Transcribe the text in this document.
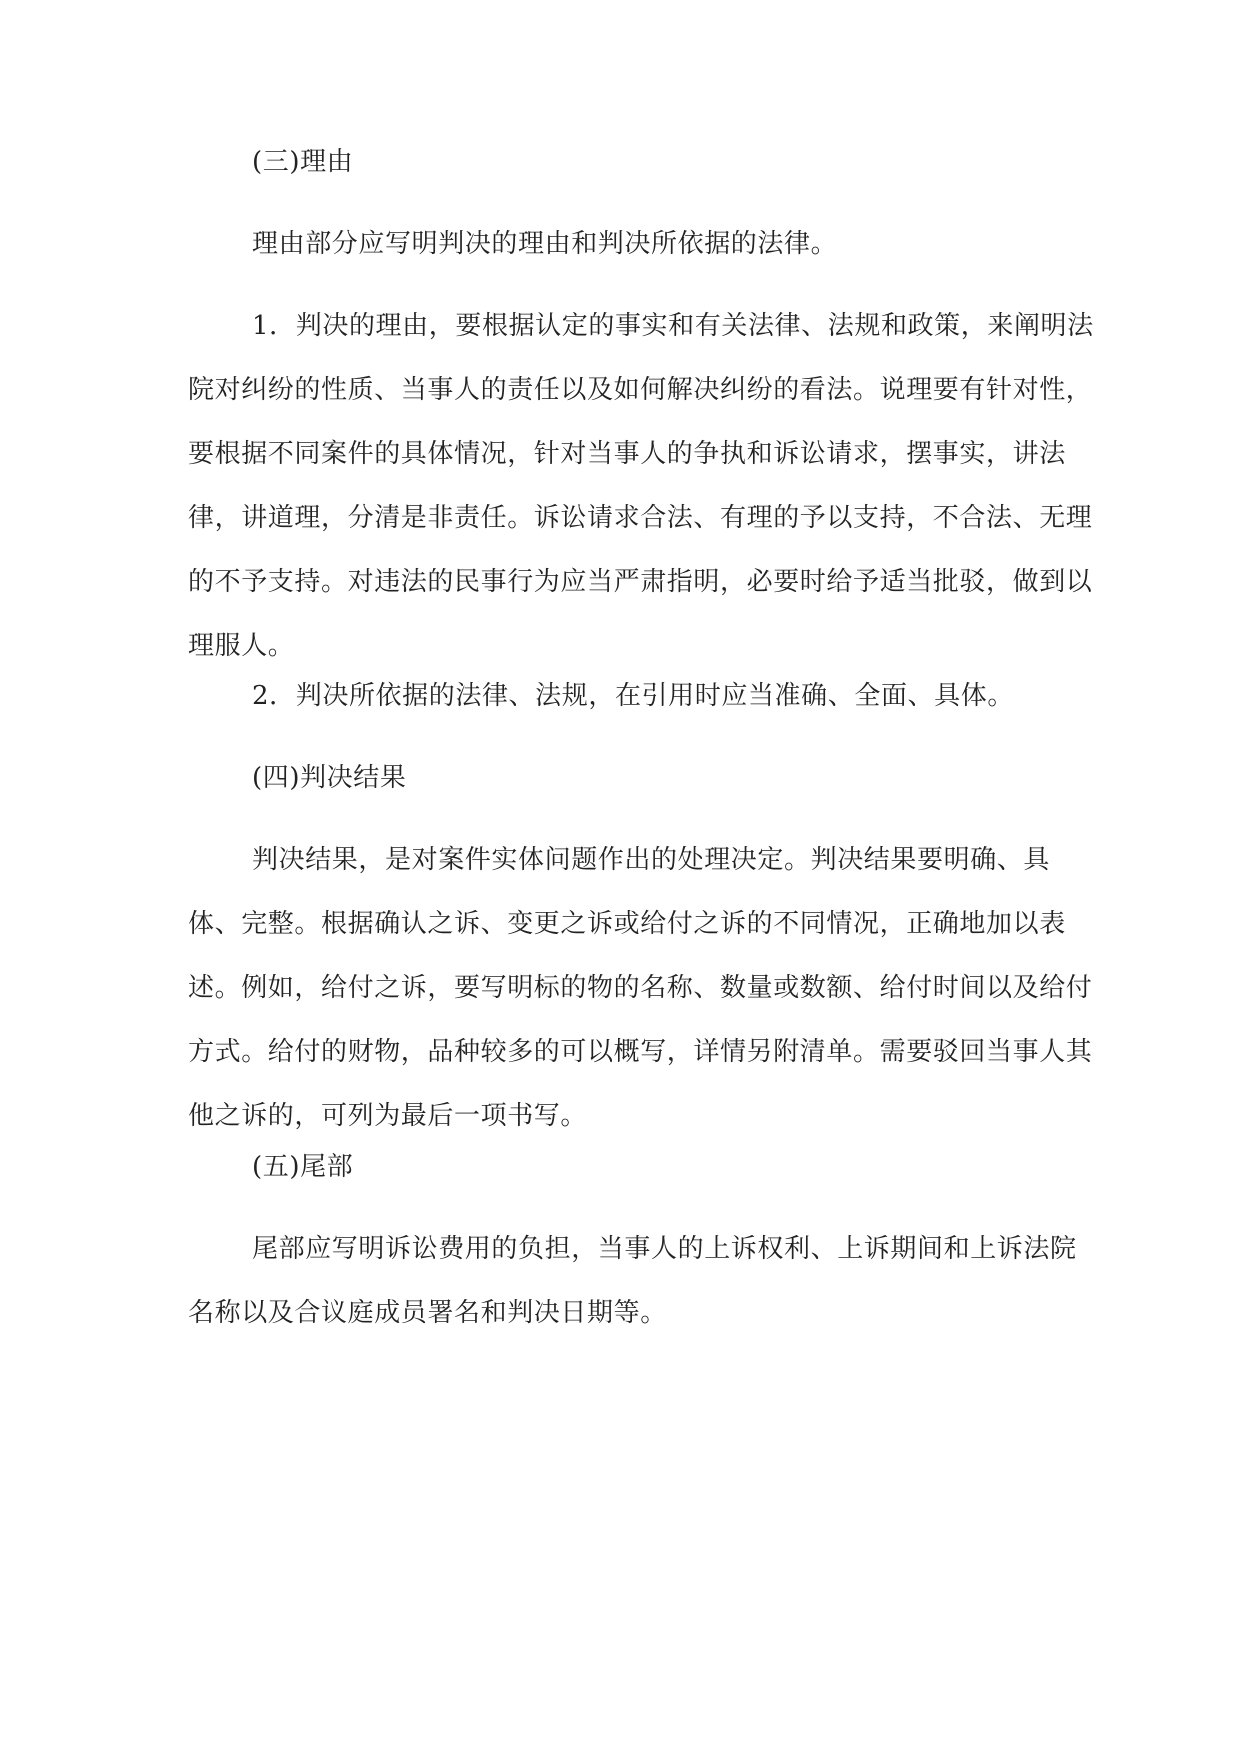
(三)理由

理由部分应写明判决的理由和判决所依据的法律。

1．判决的理由，要根据认定的事实和有关法律、法规和政策，来阐明法
院对纠纷的性质、当事人的责任以及如何解决纠纷的看法。说理要有针对性，
要根据不同案件的具体情况，针对当事人的争执和诉讼请求，摆事实，讲法
律，讲道理，分清是非责任。诉讼请求合法、有理的予以支持，不合法、无理
的不予支持。对违法的民事行为应当严肃指明，必要时给予适当批驳，做到以
理服人。

2．判决所依据的法律、法规，在引用时应当准确、全面、具体。

(四)判决结果

判决结果，是对案件实体问题作出的处理决定。判决结果要明确、具
体、完整。根据确认之诉、变更之诉或给付之诉的不同情况，正确地加以表
述。例如，给付之诉，要写明标的物的名称、数量或数额、给付时间以及给付
方式。给付的财物，品种较多的可以概写，详情另附清单。需要驳回当事人其
他之诉的，可列为最后一项书写。

(五)尾部

尾部应写明诉讼费用的负担，当事人的上诉权利、上诉期间和上诉法院
名称以及合议庭成员署名和判决日期等。
